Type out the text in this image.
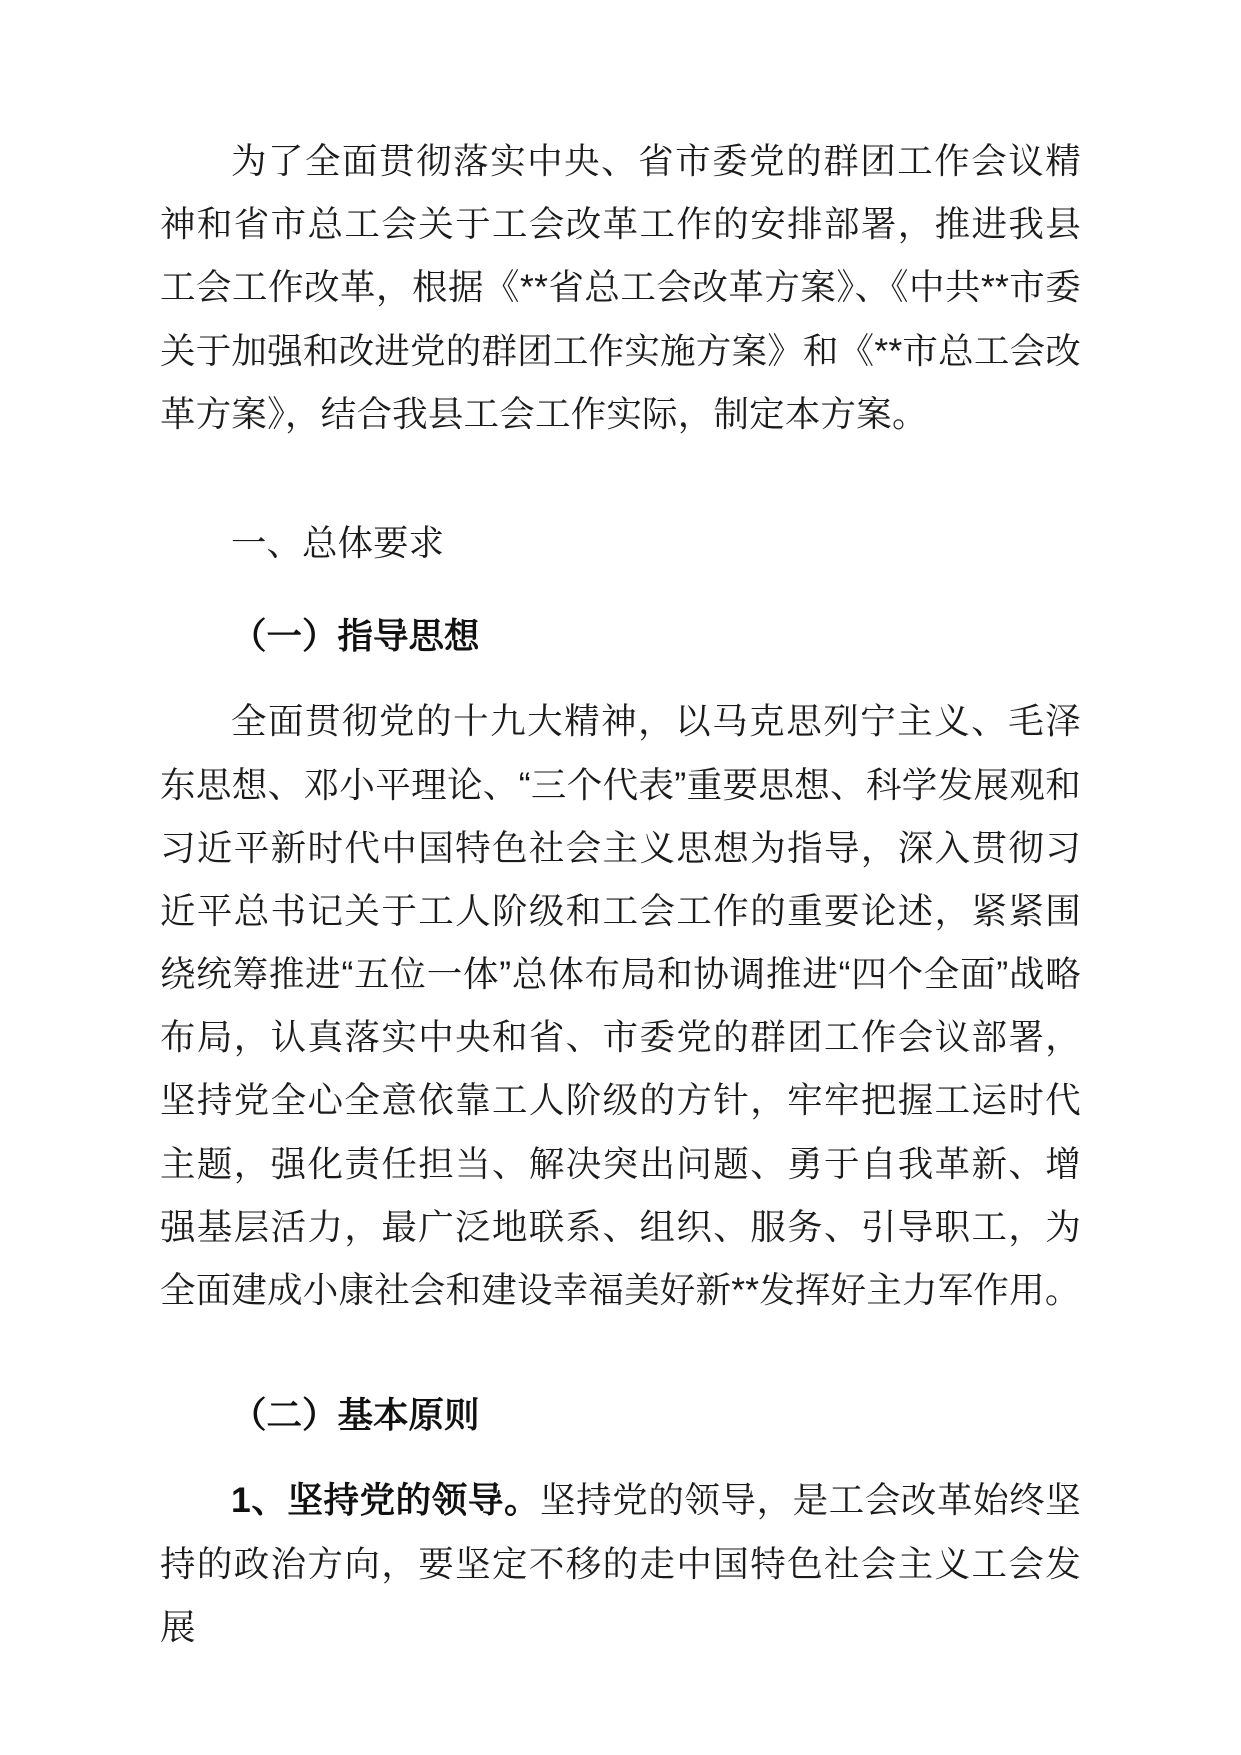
为了全面贯彻落实中央、省市委党的群团工作会议精神和省市总工会关于工会改革工作的安排部署，推进我县工会工作改革，根据《**省总工会改革方案》、《中共**市委关于加强和改进党的群团工作实施方案》和《**市总工会改革方案》，结合我县工会工作实际，制定本方案。

一、总体要求

（一）指导思想

全面贯彻党的十九大精神，以马克思列宁主义、毛泽东思想、邓小平理论、“三个代表”重要思想、科学发展观和习近平新时代中国特色社会主义思想为指导，深入贯彻习近平总书记关于工人阶级和工会工作的重要论述，紧紧围绕统筹推进“五位一体”总体布局和协调推进“四个全面”战略布局，认真落实中央和省、市委党的群团工作会议部署，坚持党全心全意依靠工人阶级的方针，牢牢把握工运时代主题，强化责任担当、解决突出问题、勇于自我革新、增强基层活力，最广泛地联系、组织、服务、引导职工，为全面建成小康社会和建设幸福美好新**发挥好主力军作用。

（二）基本原则

1、坚持党的领导。坚持党的领导，是工会改革始终坚持的政治方向，要坚定不移的走中国特色社会主义工会发展
